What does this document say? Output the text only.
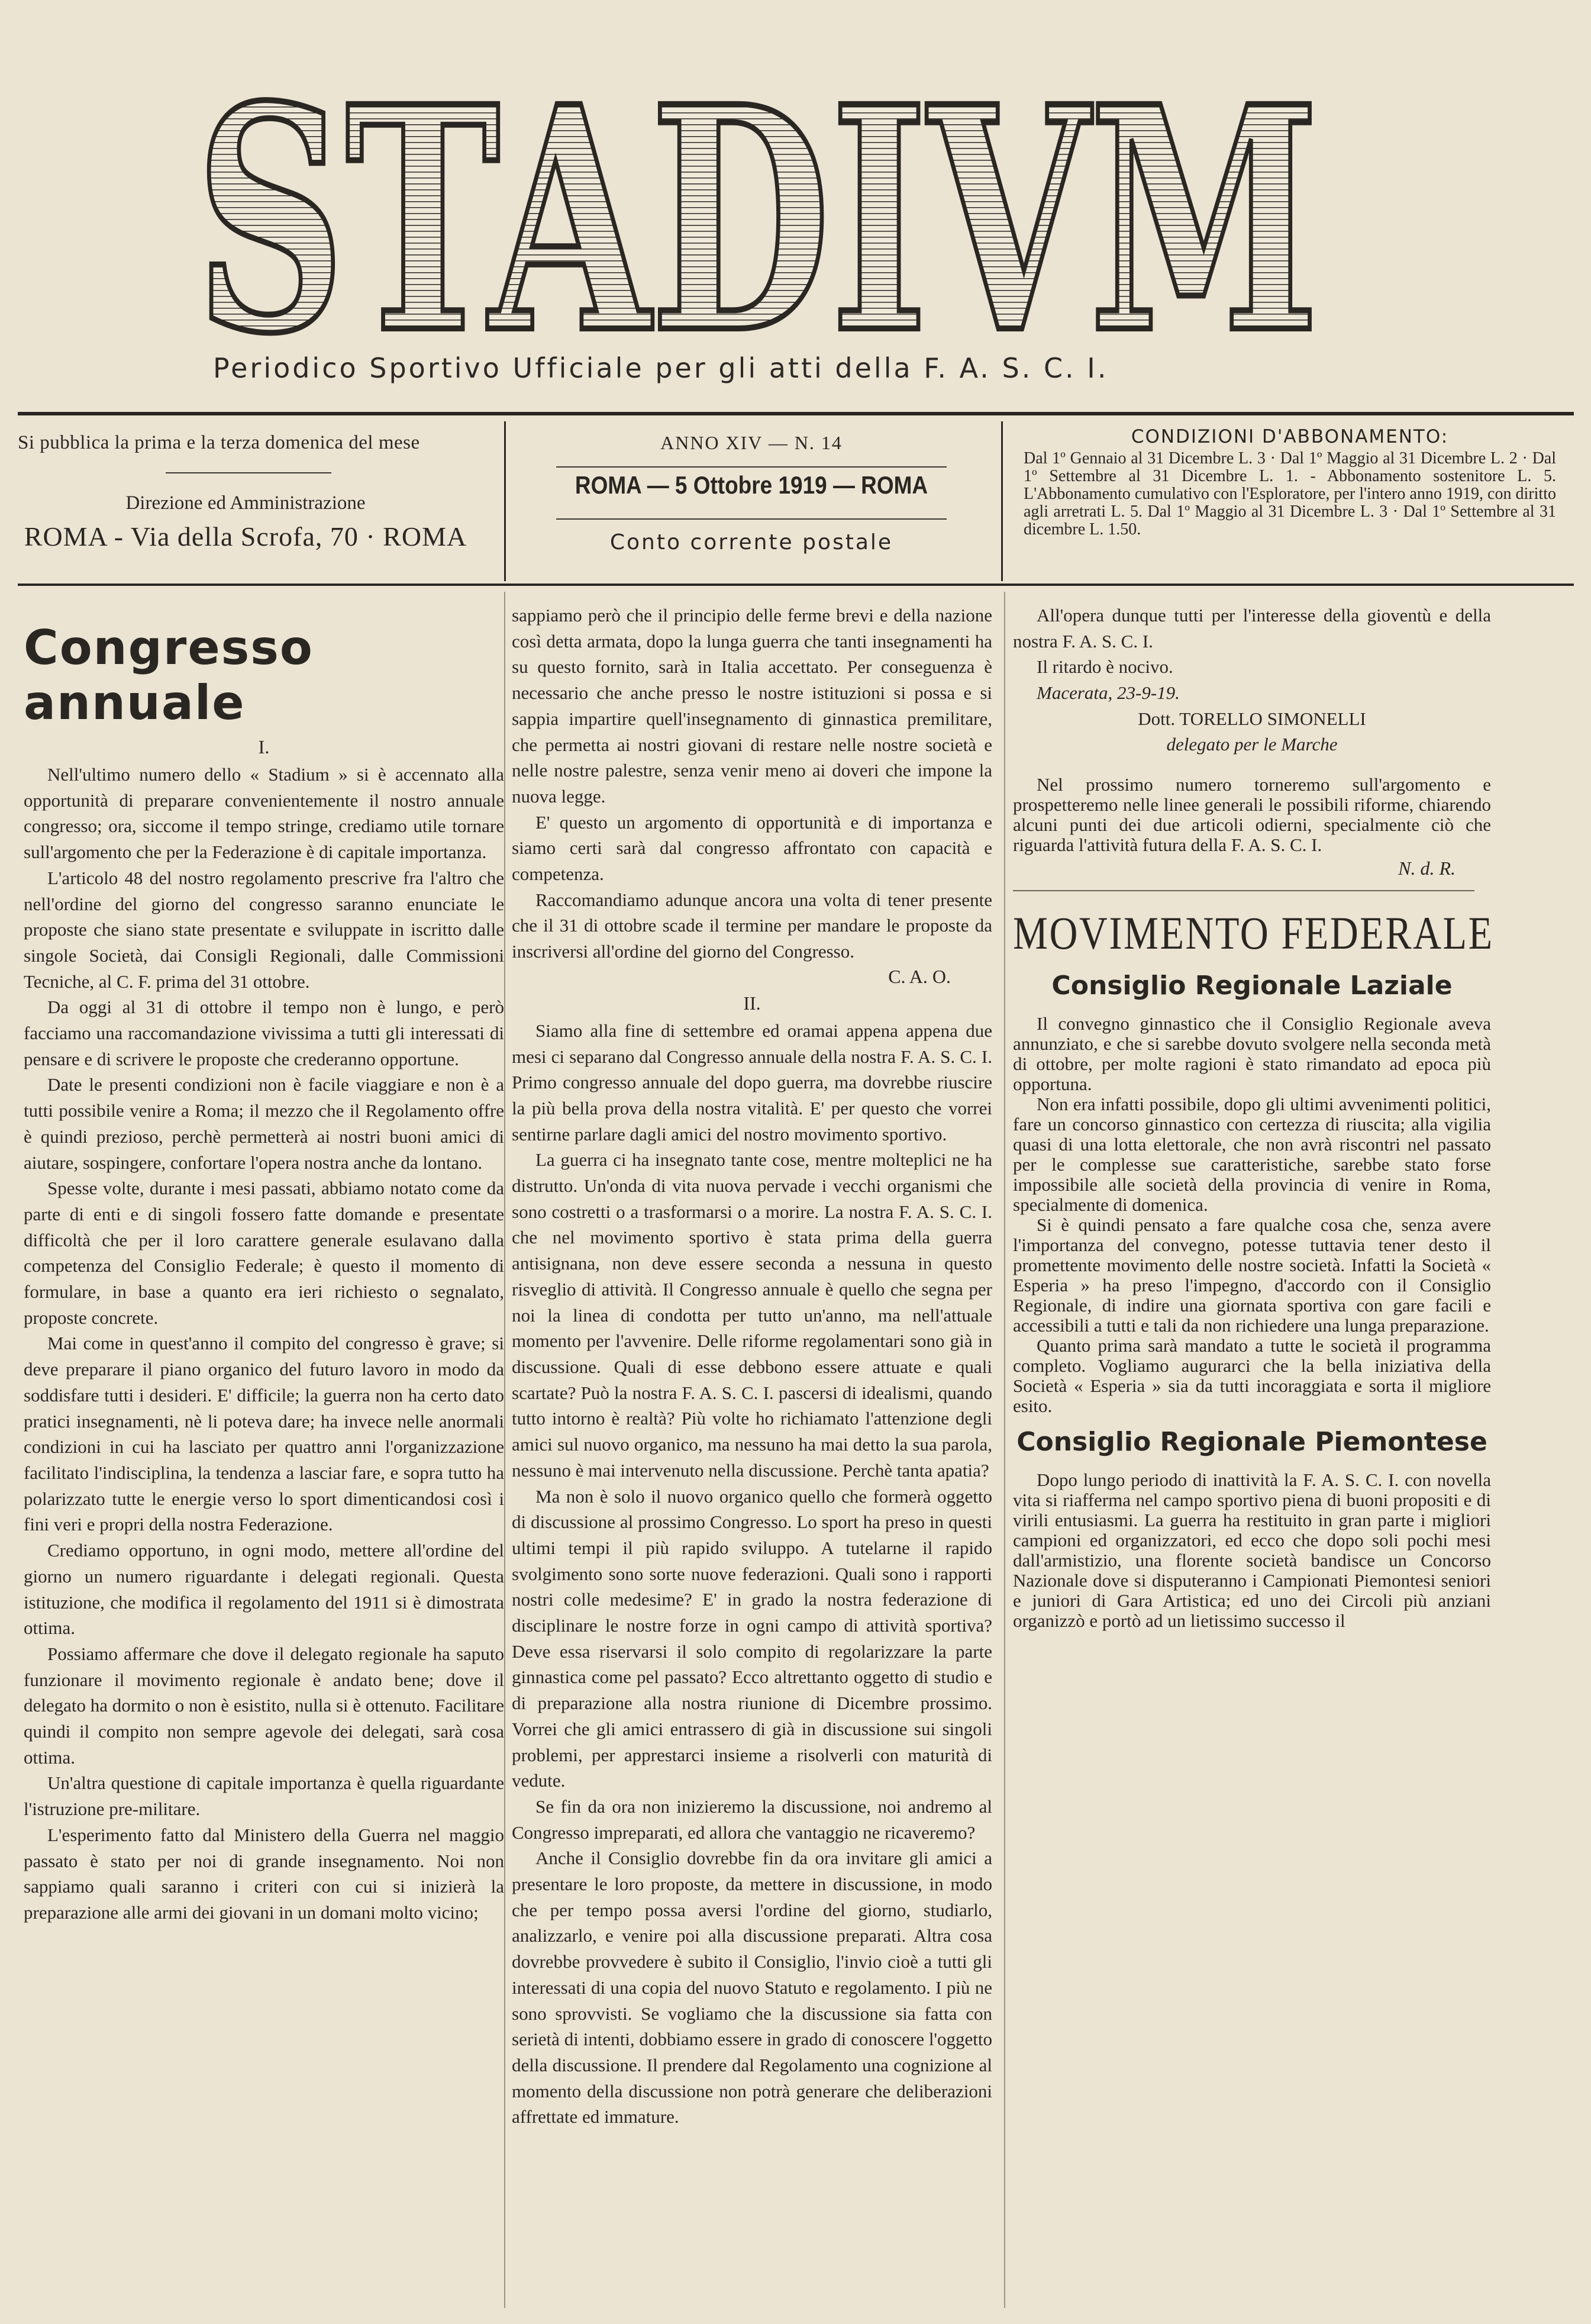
STADIVM
Periodico Sportivo Ufficiale per gli atti della F. A. S. C. I.
Si pubblica la prima e la terza domenica del mese
Direzione ed Amministrazione
ROMA - Via della Scrofa, 70 · ROMA
ANNO XIV — N. 14
ROMA — 5 Ottobre 1919 — ROMA
Conto corrente postale
CONDIZIONI D'ABBONAMENTO:
Dal 1º Gennaio al 31 Dicembre L. 3 · Dal 1º Maggio al 31 Dicembre L. 2 · Dal 1º Settembre al 31 Dicembre L. 1. - Abbonamento sostenitore L. 5. L'Abbonamento cumulativo con l'Esploratore, per l'intero anno 1919, con diritto agli arretrati L. 5. Dal 1º Maggio al 31 Dicembre L. 3 · Dal 1º Settembre al 31 dicembre L. 1.50.
Congresso annuale
I.

Nell'ultimo numero dello « Stadium » si è accennato alla opportunità di preparare convenientemente il nostro annuale congresso; ora, siccome il tempo stringe, crediamo utile tornare sull'argomento che per la Federazione è di capitale importanza.

L'articolo 48 del nostro regolamento prescrive fra l'altro che nell'ordine del giorno del congresso saranno enunciate le proposte che siano state presentate e sviluppate in iscritto dalle singole Società, dai Consigli Regionali, dalle Commissioni Tecniche, al C. F. prima del 31 ottobre.

Da oggi al 31 di ottobre il tempo non è lungo, e però facciamo una raccomandazione vivissima a tutti gli interessati di pensare e di scrivere le proposte che crederanno opportune.

Date le presenti condizioni non è facile viaggiare e non è a tutti possibile venire a Roma; il mezzo che il Regolamento offre è quindi prezioso, perchè permetterà ai nostri buoni amici di aiutare, sospingere, confortare l'opera nostra anche da lontano.

Spesse volte, durante i mesi passati, abbiamo notato come da parte di enti e di singoli fossero fatte domande e presentate difficoltà che per il loro carattere generale esulavano dalla competenza del Consiglio Federale; è questo il momento di formulare, in base a quanto era ieri richiesto o segnalato, proposte concrete.

Mai come in quest'anno il compito del congresso è grave; si deve preparare il piano organico del futuro lavoro in modo da soddisfare tutti i desideri. E' difficile; la guerra non ha certo dato pratici insegnamenti, nè li poteva dare; ha invece nelle anormali condizioni in cui ha lasciato per quattro anni l'organizzazione facilitato l'indisciplina, la tendenza a lasciar fare, e sopra tutto ha polarizzato tutte le energie verso lo sport dimenticandosi così i fini veri e propri della nostra Federazione.

Crediamo opportuno, in ogni modo, mettere all'ordine del giorno un numero riguardante i delegati regionali. Questa istituzione, che modifica il regolamento del 1911 si è dimostrata ottima.

Possiamo affermare che dove il delegato regionale ha saputo funzionare il movimento regionale è andato bene; dove il delegato ha dormito o non è esistito, nulla si è ottenuto. Facilitare quindi il compito non sempre agevole dei delegati, sarà cosa ottima.

Un'altra questione di capitale importanza è quella riguardante l'istruzione pre-militare.

L'esperimento fatto dal Ministero della Guerra nel maggio passato è stato per noi di grande insegnamento. Noi non sappiamo quali saranno i criteri con cui si inizierà la preparazione alle armi dei giovani in un domani molto vicino;

sappiamo però che il principio delle ferme brevi e della nazione così detta armata, dopo la lunga guerra che tanti insegnamenti ha su questo fornito, sarà in Italia accettato. Per conseguenza è necessario che anche presso le nostre istituzioni si possa e si sappia impartire quell'insegnamento di ginnastica premilitare, che permetta ai nostri giovani di restare nelle nostre società e nelle nostre palestre, senza venir meno ai doveri che impone la nuova legge.

E' questo un argomento di opportunità e di importanza e siamo certi sarà dal congresso affrontato con capacità e competenza.

Raccomandiamo adunque ancora una volta di tener presente che il 31 di ottobre scade il termine per mandare le proposte da inscriversi all'ordine del giorno del Congresso.

C. A. O.
II.

Siamo alla fine di settembre ed oramai appena appena due mesi ci separano dal Congresso annuale della nostra F. A. S. C. I. Primo congresso annuale del dopo guerra, ma dovrebbe riuscire la più bella prova della nostra vitalità. E' per questo che vorrei sentirne parlare dagli amici del nostro movimento sportivo.

La guerra ci ha insegnato tante cose, mentre molteplici ne ha distrutto. Un'onda di vita nuova pervade i vecchi organismi che sono costretti o a trasformarsi o a morire. La nostra F. A. S. C. I. che nel movimento sportivo è stata prima della guerra antisignana, non deve essere seconda a nessuna in questo risveglio di attività. Il Congresso annuale è quello che segna per noi la linea di condotta per tutto un'anno, ma nell'attuale momento per l'avvenire. Delle riforme regolamentari sono già in discussione. Quali di esse debbono essere attuate e quali scartate? Può la nostra F. A. S. C. I. pascersi di idealismi, quando tutto intorno è realtà? Più volte ho richiamato l'attenzione degli amici sul nuovo organico, ma nessuno ha mai detto la sua parola, nessuno è mai intervenuto nella discussione. Perchè tanta apatia?

Ma non è solo il nuovo organico quello che formerà oggetto di discussione al prossimo Congresso. Lo sport ha preso in questi ultimi tempi il più rapido sviluppo. A tutelarne il rapido svolgimento sono sorte nuove federazioni. Quali sono i rapporti nostri colle medesime? E' in grado la nostra federazione di disciplinare le nostre forze in ogni campo di attività sportiva? Deve essa riservarsi il solo compito di regolarizzare la parte ginnastica come pel passato? Ecco altrettanto oggetto di studio e di preparazione alla nostra riunione di Dicembre prossimo. Vorrei che gli amici entrassero di già in discussione sui singoli problemi, per apprestarci insieme a risolverli con maturità di vedute.

Se fin da ora non inizieremo la discussione, noi andremo al Congresso impreparati, ed allora che vantaggio ne ricaveremo?

Anche il Consiglio dovrebbe fin da ora invitare gli amici a presentare le loro proposte, da mettere in discussione, in modo che per tempo possa aversi l'ordine del giorno, studiarlo, analizzarlo, e venire poi alla discussione preparati. Altra cosa dovrebbe provvedere è subito il Consiglio, l'invio cioè a tutti gli interessati di una copia del nuovo Statuto e regolamento. I più ne sono sprovvisti. Se vogliamo che la discussione sia fatta con serietà di intenti, dobbiamo essere in grado di conoscere l'oggetto della discussione. Il prendere dal Regolamento una cognizione al momento della discussione non potrà generare che deliberazioni affrettate ed immature.

All'opera dunque tutti per l'interesse della gioventù e della nostra F. A. S. C. I.

Il ritardo è nocivo.

Macerata, 23-9-19.

Dott. TORELLO SIMONELLI
delegato per le Marche

Nel prossimo numero torneremo sull'argomento e prospetteremo nelle linee generali le possibili riforme, chiarendo alcuni punti dei due articoli odierni, specialmente ciò che riguarda l'attività futura della F. A. S. C. I.

N. d. R.
MOVIMENTO FEDERALE
Consiglio Regionale Laziale

Il convegno ginnastico che il Consiglio Regionale aveva annunziato, e che si sarebbe dovuto svolgere nella seconda metà di ottobre, per molte ragioni è stato rimandato ad epoca più opportuna.

Non era infatti possibile, dopo gli ultimi avvenimenti politici, fare un concorso ginnastico con certezza di riuscita; alla vigilia quasi di una lotta elettorale, che non avrà riscontri nel passato per le complesse sue caratteristiche, sarebbe stato forse impossibile alle società della provincia di venire in Roma, specialmente di domenica.

Si è quindi pensato a fare qualche cosa che, senza avere l'importanza del convegno, potesse tuttavia tener desto il promettente movimento delle nostre società. Infatti la Società « Esperia » ha preso l'impegno, d'accordo con il Consiglio Regionale, di indire una giornata sportiva con gare facili e accessibili a tutti e tali da non richiedere una lunga preparazione.

Quanto prima sarà mandato a tutte le società il programma completo. Vogliamo augurarci che la bella iniziativa della Società « Esperia » sia da tutti incoraggiata e sorta il migliore esito.

Consiglio Regionale Piemontese

Dopo lungo periodo di inattività la F. A. S. C. I. con novella vita si riafferma nel campo sportivo piena di buoni propositi e di virili entusiasmi. La guerra ha restituito in gran parte i migliori campioni ed organizzatori, ed ecco che dopo soli pochi mesi dall'armistizio, una florente società bandisce un Concorso Nazionale dove si disputeranno i Campionati Piemontesi seniori e juniori di Gara Artistica; ed uno dei Circoli più anziani organizzò e portò ad un lietissimo successo il
